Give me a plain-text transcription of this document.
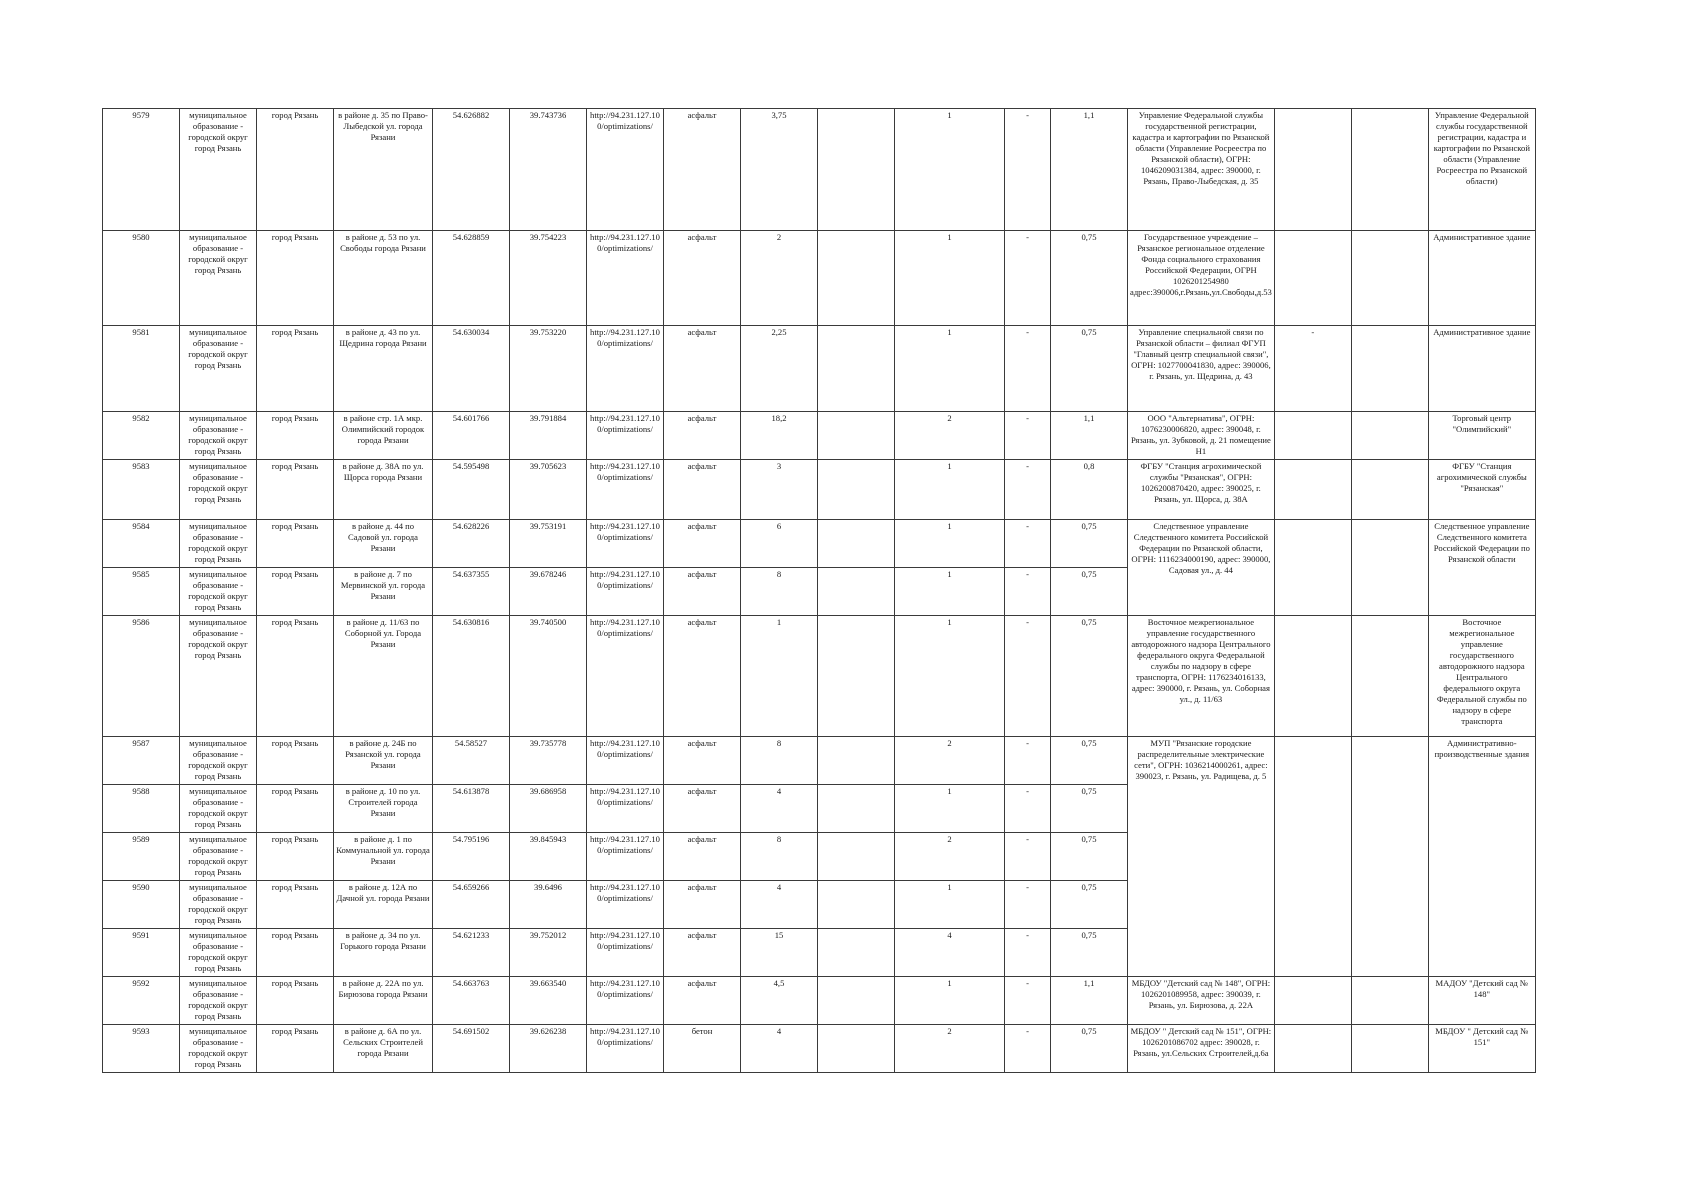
9579	муниципальное образование - городской округ город Рязань	город Рязань	в районе д. 35 по Право-Лыбедской ул. города Рязани	54.626882	39.743736	http://94.231.127.10 0/optimizations/	асфальт	3,75		1	-	1,1	Управление Федеральной службы государственной регистрации, кадастра и картографии по Рязанской области (Управление Росреестра по Рязанской области), ОГРН: 1046209031384, адрес: 390000, г. Рязань, Право-Лыбедская, д. 35			Управление Федеральной службы государственной регистрации, кадастра и картографии по Рязанской области (Управление Росреестра по Рязанской области)
9580	муниципальное образование - городской округ город Рязань	город Рязань	в районе д. 53 по ул. Свободы города Рязани	54.628859	39.754223	http://94.231.127.10 0/optimizations/	асфальт	2		1	-	0,75	Государственное учреждение – Рязанское региональное отделение Фонда социального страхования Российской Федерации, ОГРН 1026201254980 адрес:390006,г.Рязань,ул.Свободы,д.53			Административное здание
9581	муниципальное образование - городской округ город Рязань	город Рязань	в районе д. 43 по ул. Щедрина города Рязани	54.630034	39.753220	http://94.231.127.10 0/optimizations/	асфальт	2,25		1	-	0,75	Управление специальной связи по Рязанской области – филиал ФГУП "Главный центр специальной связи", ОГРН: 1027700041830, адрес: 390006, г. Рязань, ул. Щедрина, д. 43	-		Административное здание
9582	муниципальное образование - городской округ город Рязань	город Рязань	в районе стр. 1А мкр. Олимпийский городок города Рязани	54.601766	39.791884	http://94.231.127.10 0/optimizations/	асфальт	18,2		2	-	1,1	ООО "Альтернатива", ОГРН: 1076230006820, адрес: 390048, г. Рязань, ул. Зубковой, д. 21 помещение Н1			Торговый центр "Олимпийский"
9583	муниципальное образование - городской округ город Рязань	город Рязань	в районе д. 38А по ул. Щорса города Рязани	54.595498	39.705623	http://94.231.127.10 0/optimizations/	асфальт	3		1	-	0,8	ФГБУ "Станция агрохимической службы "Рязанская", ОГРН: 1026200870420, адрес: 390025, г. Рязань, ул. Щорса, д. 38А			ФГБУ "Станция агрохимической службы "Рязанская"
9584	муниципальное образование - городской округ город Рязань	город Рязань	в районе д. 44 по Садовой ул. города Рязани	54.628226	39.753191	http://94.231.127.10 0/optimizations/	асфальт	6		1	-	0,75	Следственное управление Следственного комитета Российской Федерации по Рязанской области, ОГРН: 1116234000190, адрес: 390000, Садовая ул., д. 44			Следственное управление Следственного комитета Российской Федерации по Рязанской области
9585	муниципальное образование - городской округ город Рязань	город Рязань	в районе д. 7 по Мервинской ул. города Рязани	54.637355	39.678246	http://94.231.127.10 0/optimizations/	асфальт	8		1	-	0,75				
9586	муниципальное образование - городской округ город Рязань	город Рязань	в районе д. 11/63 по Соборной ул. Города Рязани	54.630816	39.740500	http://94.231.127.10 0/optimizations/	асфальт	1		1	-	0,75	Восточное межрегиональное управление государственного автодорожного надзора Центрального федерального округа Федеральной службы по надзору в сфере транспорта, ОГРН: 1176234016133, адрес: 390000, г. Рязань, ул. Соборная ул., д. 11/63			Восточное межрегиональное управление государственного автодорожного надзора Центрального федерального округа Федеральной службы по надзору в сфере транспорта
9587	муниципальное образование - городской округ город Рязань	город Рязань	в районе д. 24Б по Рязанской ул. города Рязани	54.58527	39.735778	http://94.231.127.10 0/optimizations/	асфальт	8		2	-	0,75	МУП "Рязанские городские распределительные электрические сети", ОГРН: 1036214000261, адрес: 390023, г. Рязань, ул. Радищева, д. 5			Административно-производственные здания
9588	муниципальное образование - городской округ город Рязань	город Рязань	в районе д. 10 по ул. Строителей города Рязани	54.613878	39.686958	http://94.231.127.10 0/optimizations/	асфальт	4		1	-	0,75				
9589	муниципальное образование - городской округ город Рязань	город Рязань	в районе д. 1 по Коммунальной ул. города Рязани	54.795196	39.845943	http://94.231.127.10 0/optimizations/	асфальт	8		2	-	0,75				
9590	муниципальное образование - городской округ город Рязань	город Рязань	в районе д. 12А по Дачной ул. города Рязани	54.659266	39.6496	http://94.231.127.10 0/optimizations/	асфальт	4		1	-	0,75				
9591	муниципальное образование - городской округ город Рязань	город Рязань	в районе д. 34 по ул. Горького города Рязани	54.621233	39.752012	http://94.231.127.10 0/optimizations/	асфальт	15		4	-	0,75				
9592	муниципальное образование - городской округ город Рязань	город Рязань	в районе д. 22А по ул. Бирюзова города Рязани	54.663763	39.663540	http://94.231.127.10 0/optimizations/	асфальт	4,5		1	-	1,1	МБДОУ "Детский сад № 148", ОГРН: 1026201089958, адрес: 390039, г. Рязань, ул. Бирюзова, д. 22А			МАДОУ "Детский сад № 148"
9593	муниципальное образование - городской округ город Рязань	город Рязань	в районе д. 6А по ул. Сельских Строителей города Рязани	54.691502	39.626238	http://94.231.127.10 0/optimizations/	бетон	4		2	-	0,75	МБДОУ " Детский сад № 151", ОГРН: 1026201086702 адрес: 390028, г. Рязань, ул.Сельских Строителей,д.6а			МБДОУ " Детский сад № 151"
